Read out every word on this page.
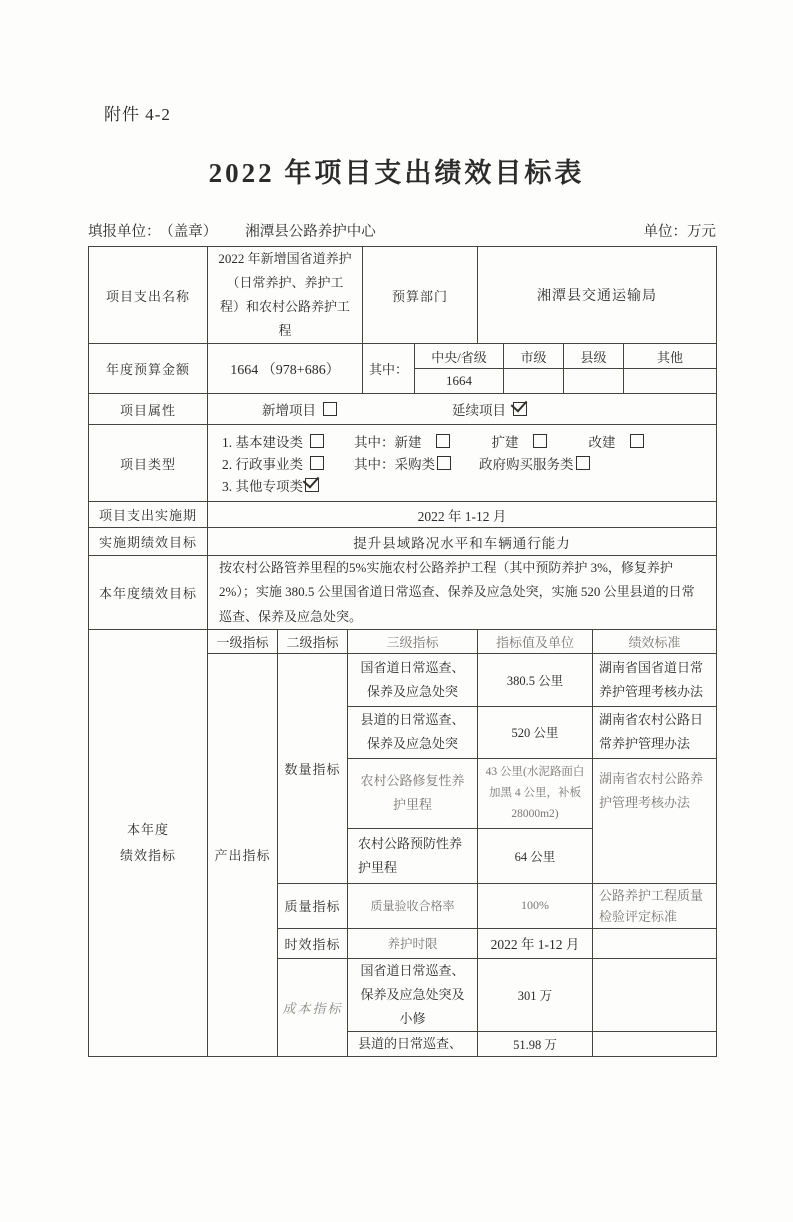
附件 4-2
2022 年项目支出绩效目标表
填报单位： （盖章） 湘潭县公路养护中心	单位：万元
项目支出名称	2022 年新增国省道养护（日常养护、养护工程）和农村公路养护工程	预算部门	湘潭县交通运输局
年度预算金额	1664 （978+686）	其中：	中央/省级	市级	县级	其他
			1664			
项目属性	新增项目	延续项目
项目类型	
1. 基本建设类	其中：新建	扩建	改建
2. 行政事业类	其中：采购类	政府购买服务类
3. 其他专项类
项目支出实施期	2022 年 1-12 月
实施期绩效目标	提升县域路况水平和车辆通行能力
本年度绩效目标	按农村公路管养里程的5%实施农村公路养护工程（其中预防养护 3%，修复养护 2%）；实施 380.5 公里国省道日常巡查、保养及应急处突，实施 520 公里县道的日常巡查、保养及应急处突。
本年度
绩效指标	一级指标	二级指标	三级指标	指标值及单位	绩效标准
	产出指标	数量指标	国省道日常巡查、保养及应急处突	380.5 公里	湖南省国省道日常养护管理考核办法
			县道的日常巡查、保养及应急处突	520 公里	湖南省农村公路日常养护管理办法
			农村公路修复性养护里程	43 公里(水泥路面白加黑 4 公里，补板 28000m2)	湖南省农村公路养护管理考核办法
			农村公路预防性养护里程	64 公里	
		质量指标	质量验收合格率	100%	公路养护工程质量检验评定标准
		时效指标	养护时限	2022 年 1-12 月	
		成本指标	国省道日常巡查、保养及应急处突及小修	301 万	
			县道的日常巡查、	51.98 万	
